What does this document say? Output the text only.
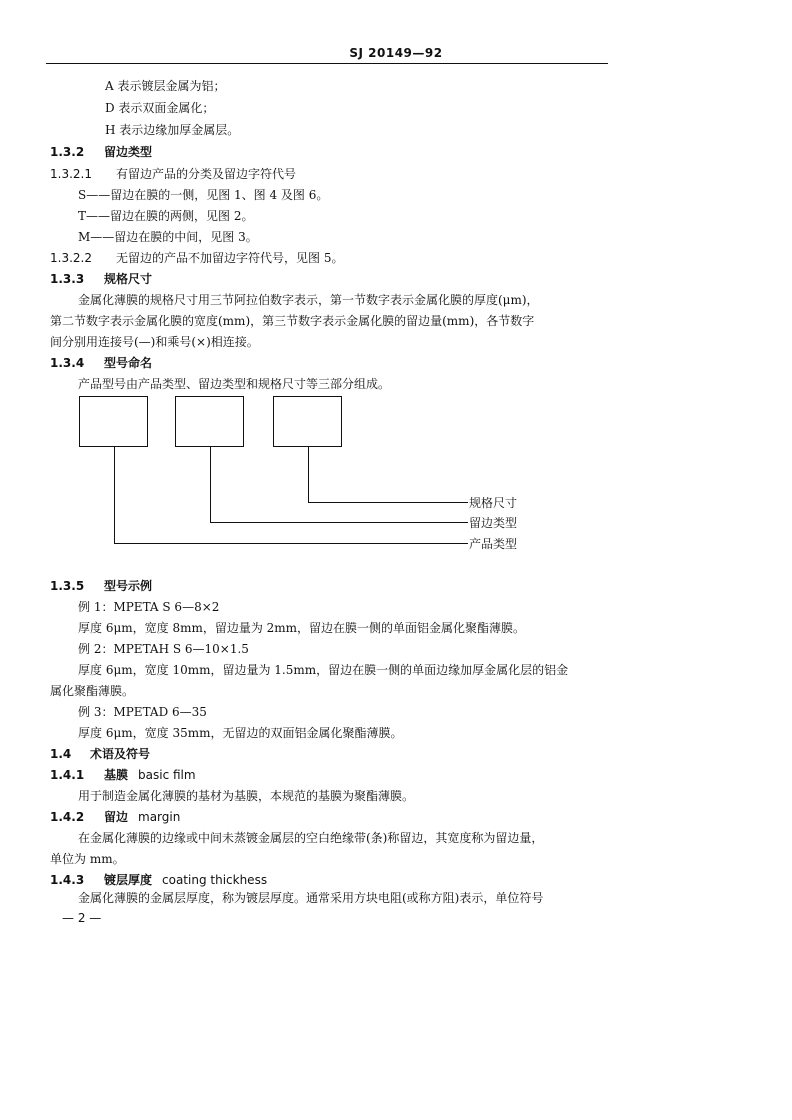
SJ 20149—92
A 表示镀层金属为铝；
D 表示双面金属化；
H 表示边缘加厚金属层。
1.3.2 留边类型
1.3.2.1 有留边产品的分类及留边字符代号
S——留边在膜的一侧，见图 1、图 4 及图 6。
T——留边在膜的两侧，见图 2。
M——留边在膜的中间，见图 3。
1.3.2.2 无留边的产品不加留边字符代号，见图 5。
1.3.3 规格尺寸
金属化薄膜的规格尺寸用三节阿拉伯数字表示，第一节数字表示金属化膜的厚度(μm)，
第二节数字表示金属化膜的宽度(mm)，第三节数字表示金属化膜的留边量(mm)，各节数字
间分别用连接号(—)和乘号(×)相连接。
1.3.4 型号命名
产品型号由产品类型、留边类型和规格尺寸等三部分组成。
规格尺寸
留边类型
产品类型
1.3.5 型号示例
例 1：MPETA S 6—8×2
厚度 6μm，宽度 8mm，留边量为 2mm，留边在膜一侧的单面铝金属化聚酯薄膜。
例 2：MPETAH S 6—10×1.5
厚度 6μm，宽度 10mm，留边量为 1.5mm，留边在膜一侧的单面边缘加厚金属化层的铝金
属化聚酯薄膜。
例 3：MPETAD 6—35
厚度 6μm，宽度 35mm，无留边的双面铝金属化聚酯薄膜。
1.4 术语及符号
1.4.1 基膜 basic film
用于制造金属化薄膜的基材为基膜，本规范的基膜为聚酯薄膜。
1.4.2 留边 margin
在金属化薄膜的边缘或中间未蒸镀金属层的空白绝缘带(条)称留边，其宽度称为留边量，
单位为 mm。
1.4.3 镀层厚度 coating thickhess
金属化薄膜的金属层厚度，称为镀层厚度。通常采用方块电阻(或称方阻)表示，单位符号
— 2 —
